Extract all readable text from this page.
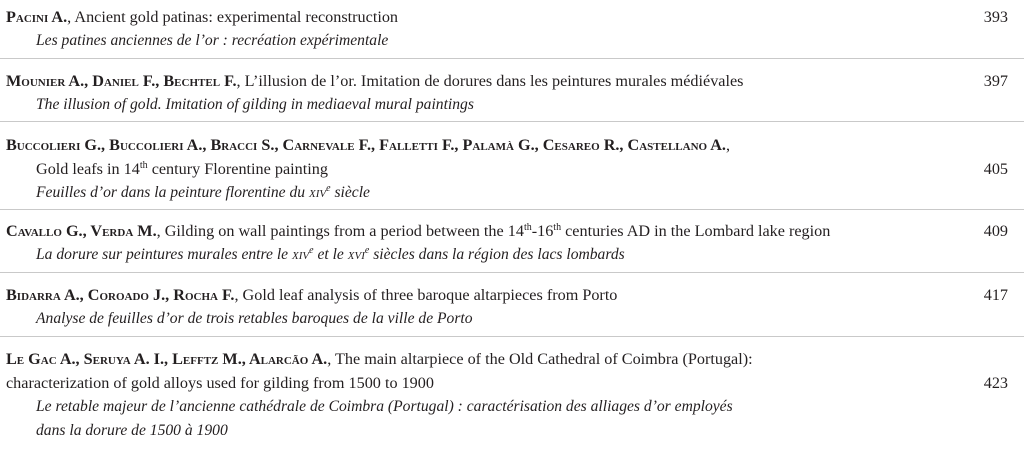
Pacini A., Ancient gold patinas: experimental reconstruction	393
Les patines anciennes de l’or : recréation expérimentale
Mounier A., Daniel F., Bechtel F., L’illusion de l’or. Imitation de dorures dans les peintures murales médiévales	397
The illusion of gold. Imitation of gilding in mediaeval mural paintings
Buccolieri G., Buccolieri A., Bracci S., Carnevale F., Falletti F., Palamà G., Cesareo R., Castellano A.,
Gold leafs in 14th century Florentine painting	405
Feuilles d’or dans la peinture florentine du xiv$^e$ siècle
Cavallo G., Verda M., Gilding on wall paintings from a period between the 14th-16th centuries AD in the Lombard lake region	409
La dorure sur peintures murales entre le xiv$^e$ et le xvi$^e$ siècles dans la région des lacs lombards
Bidarra A., Coroado J., Rocha F., Gold leaf analysis of three baroque altarpieces from Porto	417
Analyse de feuilles d’or de trois retables baroques de la ville de Porto
Le Gac A., Seruya A. I., Lefftz M., Alarcão A., The main altarpiece of the Old Cathedral of Coimbra (Portugal):
characterization of gold alloys used for gilding from 1500 to 1900	423
Le retable majeur de l’ancienne cathédrale de Coimbra (Portugal) : caractérisation des alliages d’or employés
dans la dorure de 1500 à 1900
